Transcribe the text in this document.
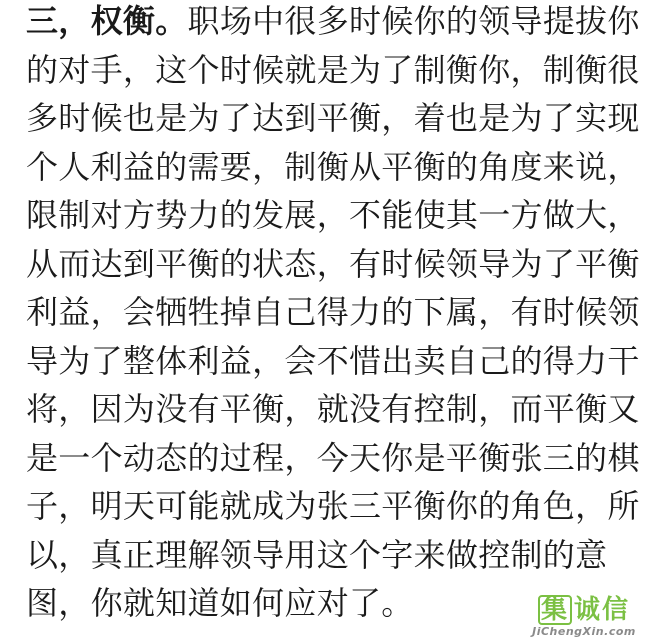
三，权衡。职场中很多时候你的领导提拔你
的对手，这个时候就是为了制衡你，制衡很
多时候也是为了达到平衡，着也是为了实现
个人利益的需要，制衡从平衡的角度来说，
限制对方势力的发展，不能使其一方做大，
从而达到平衡的状态，有时候领导为了平衡
利益，会牺牲掉自己得力的下属，有时候领
导为了整体利益，会不惜出卖自己的得力干
将，因为没有平衡，就没有控制，而平衡又
是一个动态的过程，今天你是平衡张三的棋
子，明天可能就成为张三平衡你的角色，所
以，真正理解领导用这个字来做控制的意
图，你就知道如何应对了。	集 诚信
JiChengXin.com
